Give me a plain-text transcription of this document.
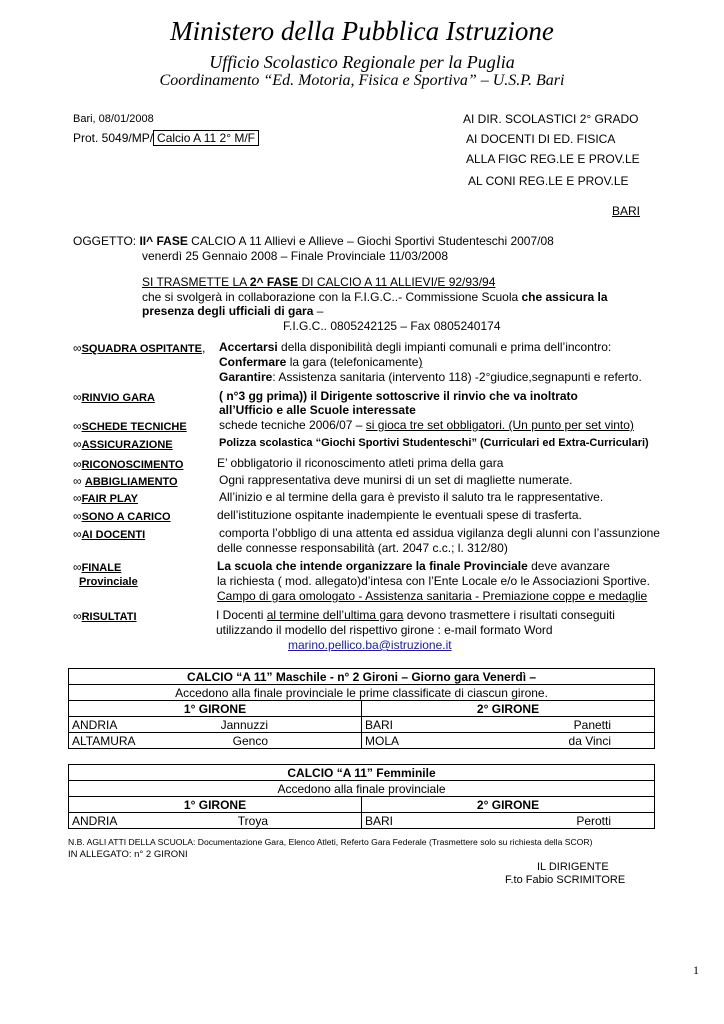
Ministero della Pubblica Istruzione
Ufficio Scolastico Regionale per la Puglia
Coordinamento “Ed. Motoria, Fisica e Sportiva” – U.S.P. Bari
Bari, 08/01/2008
Prot. 5049/MP/ Calcio A 11 2° M/F
AI DIR. SCOLASTICI 2° GRADO
AI DOCENTI DI ED. FISICA
ALLA FIGC REG.LE E PROV.LE
AL CONI REG.LE E PROV.LE
BARI
OGGETTO: II^ FASE CALCIO A 11 Allievi e Allieve – Giochi Sportivi Studenteschi 2007/08
venerdì 25 Gennaio 2008 – Finale Provinciale 11/03/2008
SI TRASMETTE LA 2^ FASE DI CALCIO A 11 ALLIEVI/E 92/93/94
che si svolgerà in collaborazione con la F.I.G.C..- Commissione Scuola che assicura la
presenza degli ufficiali di gara –
F.I.G.C.. 0805242125 – Fax 0805240174
∞SQUADRA OSPITANTE, Accertarsi della disponibilità degli impianti comunali e prima dell’incontro:
Confermare la gara (telefonicamente)
Garantire: Assistenza sanitaria (intervento 118) -2°giudice,segnapunti e referto.
∞RINVIO GARA	( n°3 gg prima)) il Dirigente sottoscrive il rinvio che va inoltrato
all’Ufficio e alle Scuole interessate
∞SCHEDE TECNICHE	schede tecniche 2006/07 – si gioca tre set obbligatori. (Un punto per set vinto)
∞ASSICURAZIONE	Polizza scolastica “Giochi Sportivi Studenteschi” (Curriculari ed Extra-Curriculari)
∞RICONOSCIMENTO	E’ obbligatorio il riconoscimento atleti prima della gara
∞ ABBIGLIAMENTO	Ogni rappresentativa deve munirsi di un set di magliette numerate.
∞FAIR PLAY	All’inizio e al termine della gara è previsto il saluto tra le rappresentative.
∞SONO A CARICO	dell’istituzione ospitante inadempiente le eventuali spese di trasferta.
∞AI DOCENTI	comporta l’obbligo di una attenta ed assidua vigilanza degli alunni con l’assunzione
delle connesse responsabilità (art. 2047 c.c.; l. 312/80)
∞FINALE
Provinciale
La scuola che intende organizzare la finale Provinciale deve avanzare
la richiesta ( mod. allegato)d’intesa con l’Ente Locale e/o le Associazioni Sportive.
Campo di gara omologato - Assistenza sanitaria - Premiazione coppe e medaglie
∞RISULTATI	I Docenti al termine dell’ultima gara devono trasmettere i risultati conseguiti
utilizzando il modello del rispettivo girone : e-mail formato Word
marino.pellico.ba@istruzione.it
CALCIO “A 11” Maschile - n° 2 Gironi – Giorno gara Venerdì –	
Accedono alla finale provinciale le prime classificate di ciascun girone.	
1° GIRONE	2° GIRONE

ANDRIA Jannuzzi	BARI Panetti

ALTAMURA Genco	MOLA da Vinci
CALCIO “A 11” Femminile	
Accedono alla finale provinciale	
1° GIRONE	2° GIRONE

ANDRIA Troya	BARI Perotti
N.B. AGLI ATTI DELLA SCUOLA: Documentazione Gara, Elenco Atleti, Referto Gara Federale (Trasmettere solo su richiesta della SCOR)
IN ALLEGATO: n° 2 GIRONI
IL DIRIGENTE
F.to Fabio SCRIMITORE
1
